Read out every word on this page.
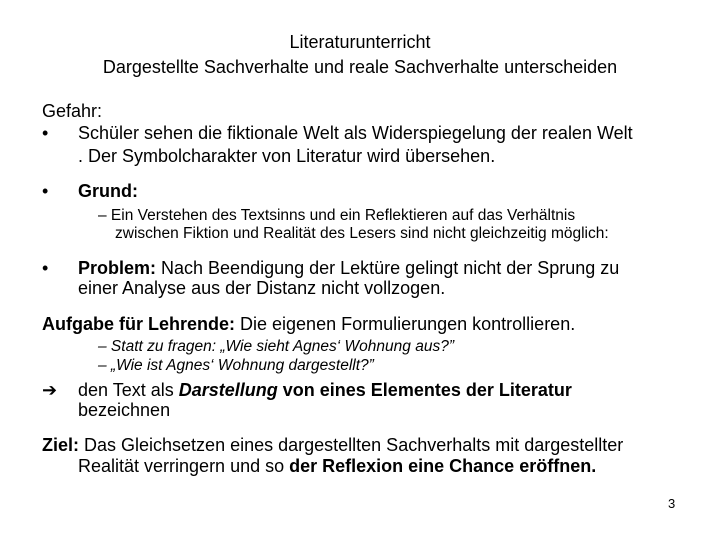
Literaturunterricht
Dargestellte Sachverhalte und reale Sachverhalte unterscheiden
Gefahr:
• Schüler sehen die fiktionale Welt als Widerspiegelung der realen Welt
. Der Symbolcharakter von Literatur wird übersehen.
• Grund:
– Ein Verstehen des Textsinns und ein Reflektieren auf das Verhältnis
zwischen Fiktion und Realität des Lesers sind nicht gleichzeitig möglich:
• Problem: Nach Beendigung der Lektüre gelingt nicht der Sprung zu
einer Analyse aus der Distanz nicht vollzogen.
Aufgabe für Lehrende: Die eigenen Formulierungen kontrollieren.
– Statt zu fragen: „Wie sieht Agnes‘ Wohnung aus?”
– „Wie ist Agnes‘ Wohnung dargestellt?”
➔ den Text als Darstellung von eines Elementes der Literatur
bezeichnen
Ziel: Das Gleichsetzen eines dargestellten Sachverhalts mit dargestellter
Realität verringern und so der Reflexion eine Chance eröffnen.
3
